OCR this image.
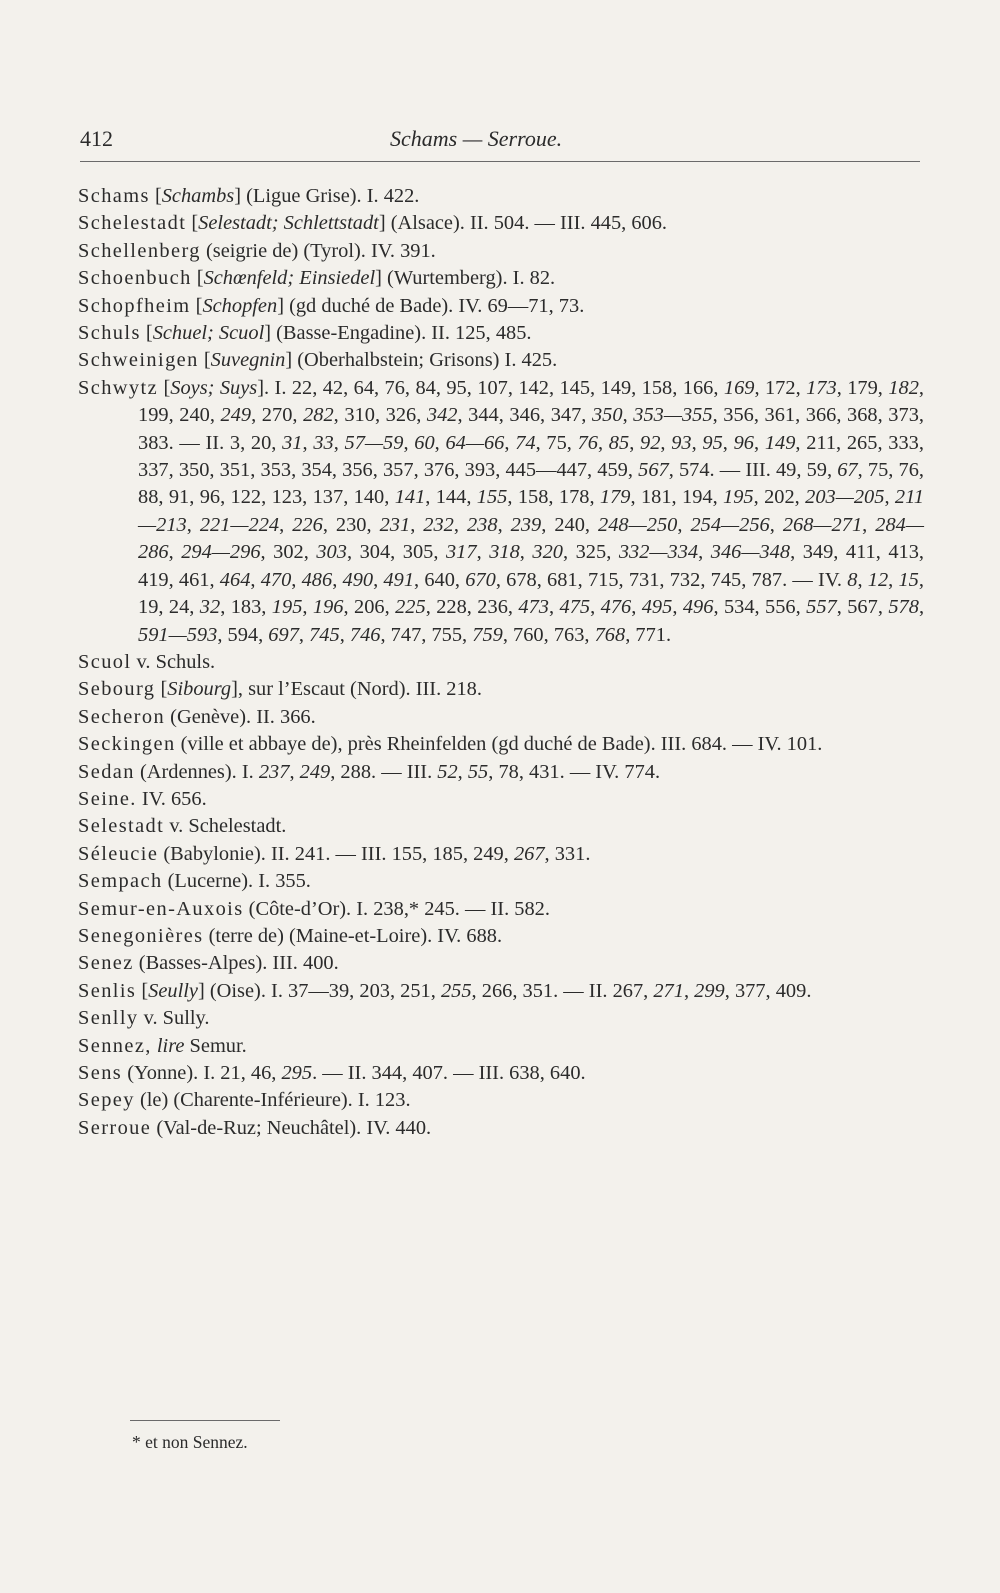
412	Schams — Serroue.

Schams [Schambs] (Ligue Grise). I. 422.

Schelestadt [Selestadt; Schlettstadt] (Alsace). II. 504. — III. 445, 606.

Schellenberg (seigrie de) (Tyrol). IV. 391.

Schoenbuch [Schœnfeld; Einsiedel] (Wurtemberg). I. 82.

Schopfheim [Schopfen] (gd duché de Bade). IV. 69—71, 73.

Schuls [Schuel; Scuol] (Basse-Engadine). II. 125, 485.

Schweinigen [Suvegnin] (Oberhalbstein; Grisons) I. 425.

Schwytz [Soys; Suys]. I. 22, 42, 64, 76, 84, 95, 107, 142, 145, 149, 158, 166, 169, 172, 173, 179, 182, 199, 240, 249, 270, 282, 310, 326, 342, 344, 346, 347, 350, 353—355, 356, 361, 366, 368, 373, 383. — II. 3, 20, 31, 33, 57—59, 60, 64—66, 74, 75, 76, 85, 92, 93, 95, 96, 149, 211, 265, 333, 337, 350, 351, 353, 354, 356, 357, 376, 393, 445—447, 459, 567, 574. — III. 49, 59, 67, 75, 76, 88, 91, 96, 122, 123, 137, 140, 141, 144, 155, 158, 178, 179, 181, 194, 195, 202, 203—205, 211—213, 221—224, 226, 230, 231, 232, 238, 239, 240, 248—250, 254—256, 268—271, 284—286, 294—296, 302, 303, 304, 305, 317, 318, 320, 325, 332—334, 346—348, 349, 411, 413, 419, 461, 464, 470, 486, 490, 491, 640, 670, 678, 681, 715, 731, 732, 745, 787. — IV. 8, 12, 15, 19, 24, 32, 183, 195, 196, 206, 225, 228, 236, 473, 475, 476, 495, 496, 534, 556, 557, 567, 578, 591—593, 594, 697, 745, 746, 747, 755, 759, 760, 763, 768, 771.

Scuol v. Schuls.

Sebourg [Sibourg], sur l’Escaut (Nord). III. 218.

Secheron (Genève). II. 366.

Seckingen (ville et abbaye de), près Rheinfelden (gd duché de Bade). III. 684. — IV. 101.

Sedan (Ardennes). I. 237, 249, 288. — III. 52, 55, 78, 431. — IV. 774.

Seine. IV. 656.

Selestadt v. Schelestadt.

Séleucie (Babylonie). II. 241. — III. 155, 185, 249, 267, 331.

Sempach (Lucerne). I. 355.

Semur-en-Auxois (Côte-d’Or). I. 238,* 245. — II. 582.

Senegonières (terre de) (Maine-et-Loire). IV. 688.

Senez (Basses-Alpes). III. 400.

Senlis [Seully] (Oise). I. 37—39, 203, 251, 255, 266, 351. — II. 267, 271, 299, 377, 409.

Senlly v. Sully.

Sennez, lire Semur.

Sens (Yonne). I. 21, 46, 295. — II. 344, 407. — III. 638, 640.

Sepey (le) (Charente-Inférieure). I. 123.

Serroue (Val-de-Ruz; Neuchâtel). IV. 440.

* et non Sennez.
